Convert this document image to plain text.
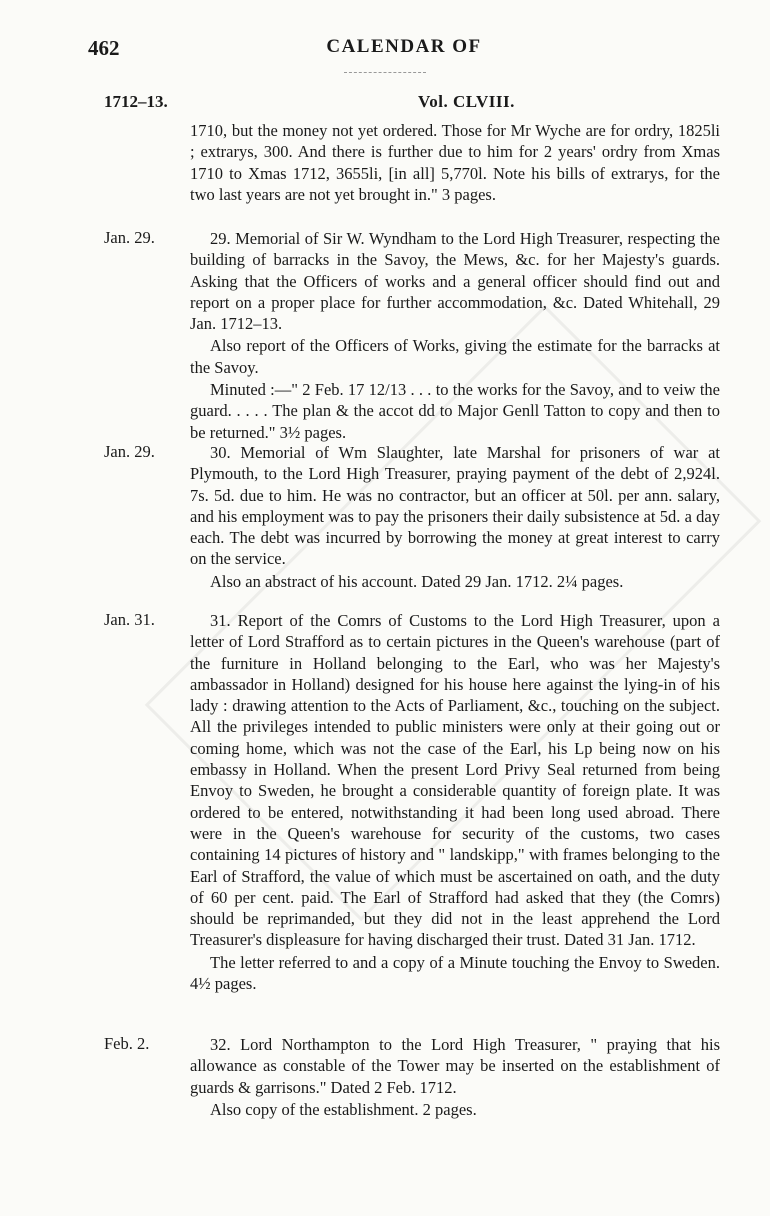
462	CALENDAR OF
1712–13.	Vol. CLVIII.

1710, but the money not yet ordered. Those for Mr Wyche are for ordry, 1825li ; extrarys, 300. And there is further due to him for 2 years' ordry from Xmas 1710 to Xmas 1712, 3655li, [in all] 5,770l. Note his bills of extrarys, for the two last years are not yet brought in." 3 pages.

Jan. 29.	29. Memorial of Sir W. Wyndham to the Lord High Treasurer, respecting the building of barracks in the Savoy, the Mews, &c. for her Majesty's guards. Asking that the Officers of works and a general officer should find out and report on a proper place for further accommodation, &c. Dated Whitehall, 29 Jan. 1712–13.

Also report of the Officers of Works, giving the estimate for the barracks at the Savoy.

Minuted :—" 2 Feb. 17 12/13 . . . to the works for the Savoy, and to veiw the guard. . . . . The plan & the accot dd to Major Genll Tatton to copy and then to be returned." 3½ pages.

Jan. 29.	30. Memorial of Wm Slaughter, late Marshal for prisoners of war at Plymouth, to the Lord High Treasurer, praying payment of the debt of 2,924l. 7s. 5d. due to him. He was no contractor, but an officer at 50l. per ann. salary, and his employment was to pay the prisoners their daily subsistence at 5d. a day each. The debt was incurred by borrowing the money at great interest to carry on the service.

Also an abstract of his account. Dated 29 Jan. 1712. 2¼ pages.

Jan. 31.	31. Report of the Comrs of Customs to the Lord High Treasurer, upon a letter of Lord Strafford as to certain pictures in the Queen's warehouse (part of the furniture in Holland belonging to the Earl, who was her Majesty's ambassador in Holland) designed for his house here against the lying-in of his lady : drawing attention to the Acts of Parliament, &c., touching on the subject. All the privileges intended to public ministers were only at their going out or coming home, which was not the case of the Earl, his Lp being now on his embassy in Holland. When the present Lord Privy Seal returned from being Envoy to Sweden, he brought a considerable quantity of foreign plate. It was ordered to be entered, notwithstanding it had been long used abroad. There were in the Queen's warehouse for security of the customs, two cases containing 14 pictures of history and " landskipp," with frames belonging to the Earl of Strafford, the value of which must be ascertained on oath, and the duty of 60 per cent. paid. The Earl of Strafford had asked that they (the Comrs) should be reprimanded, but they did not in the least apprehend the Lord Treasurer's displeasure for having discharged their trust. Dated 31 Jan. 1712.

The letter referred to and a copy of a Minute touching the Envoy to Sweden. 4½ pages.

Feb. 2.	32. Lord Northampton to the Lord High Treasurer, " praying that his allowance as constable of the Tower may be inserted on the establishment of guards & garrisons." Dated 2 Feb. 1712.

Also copy of the establishment. 2 pages.
